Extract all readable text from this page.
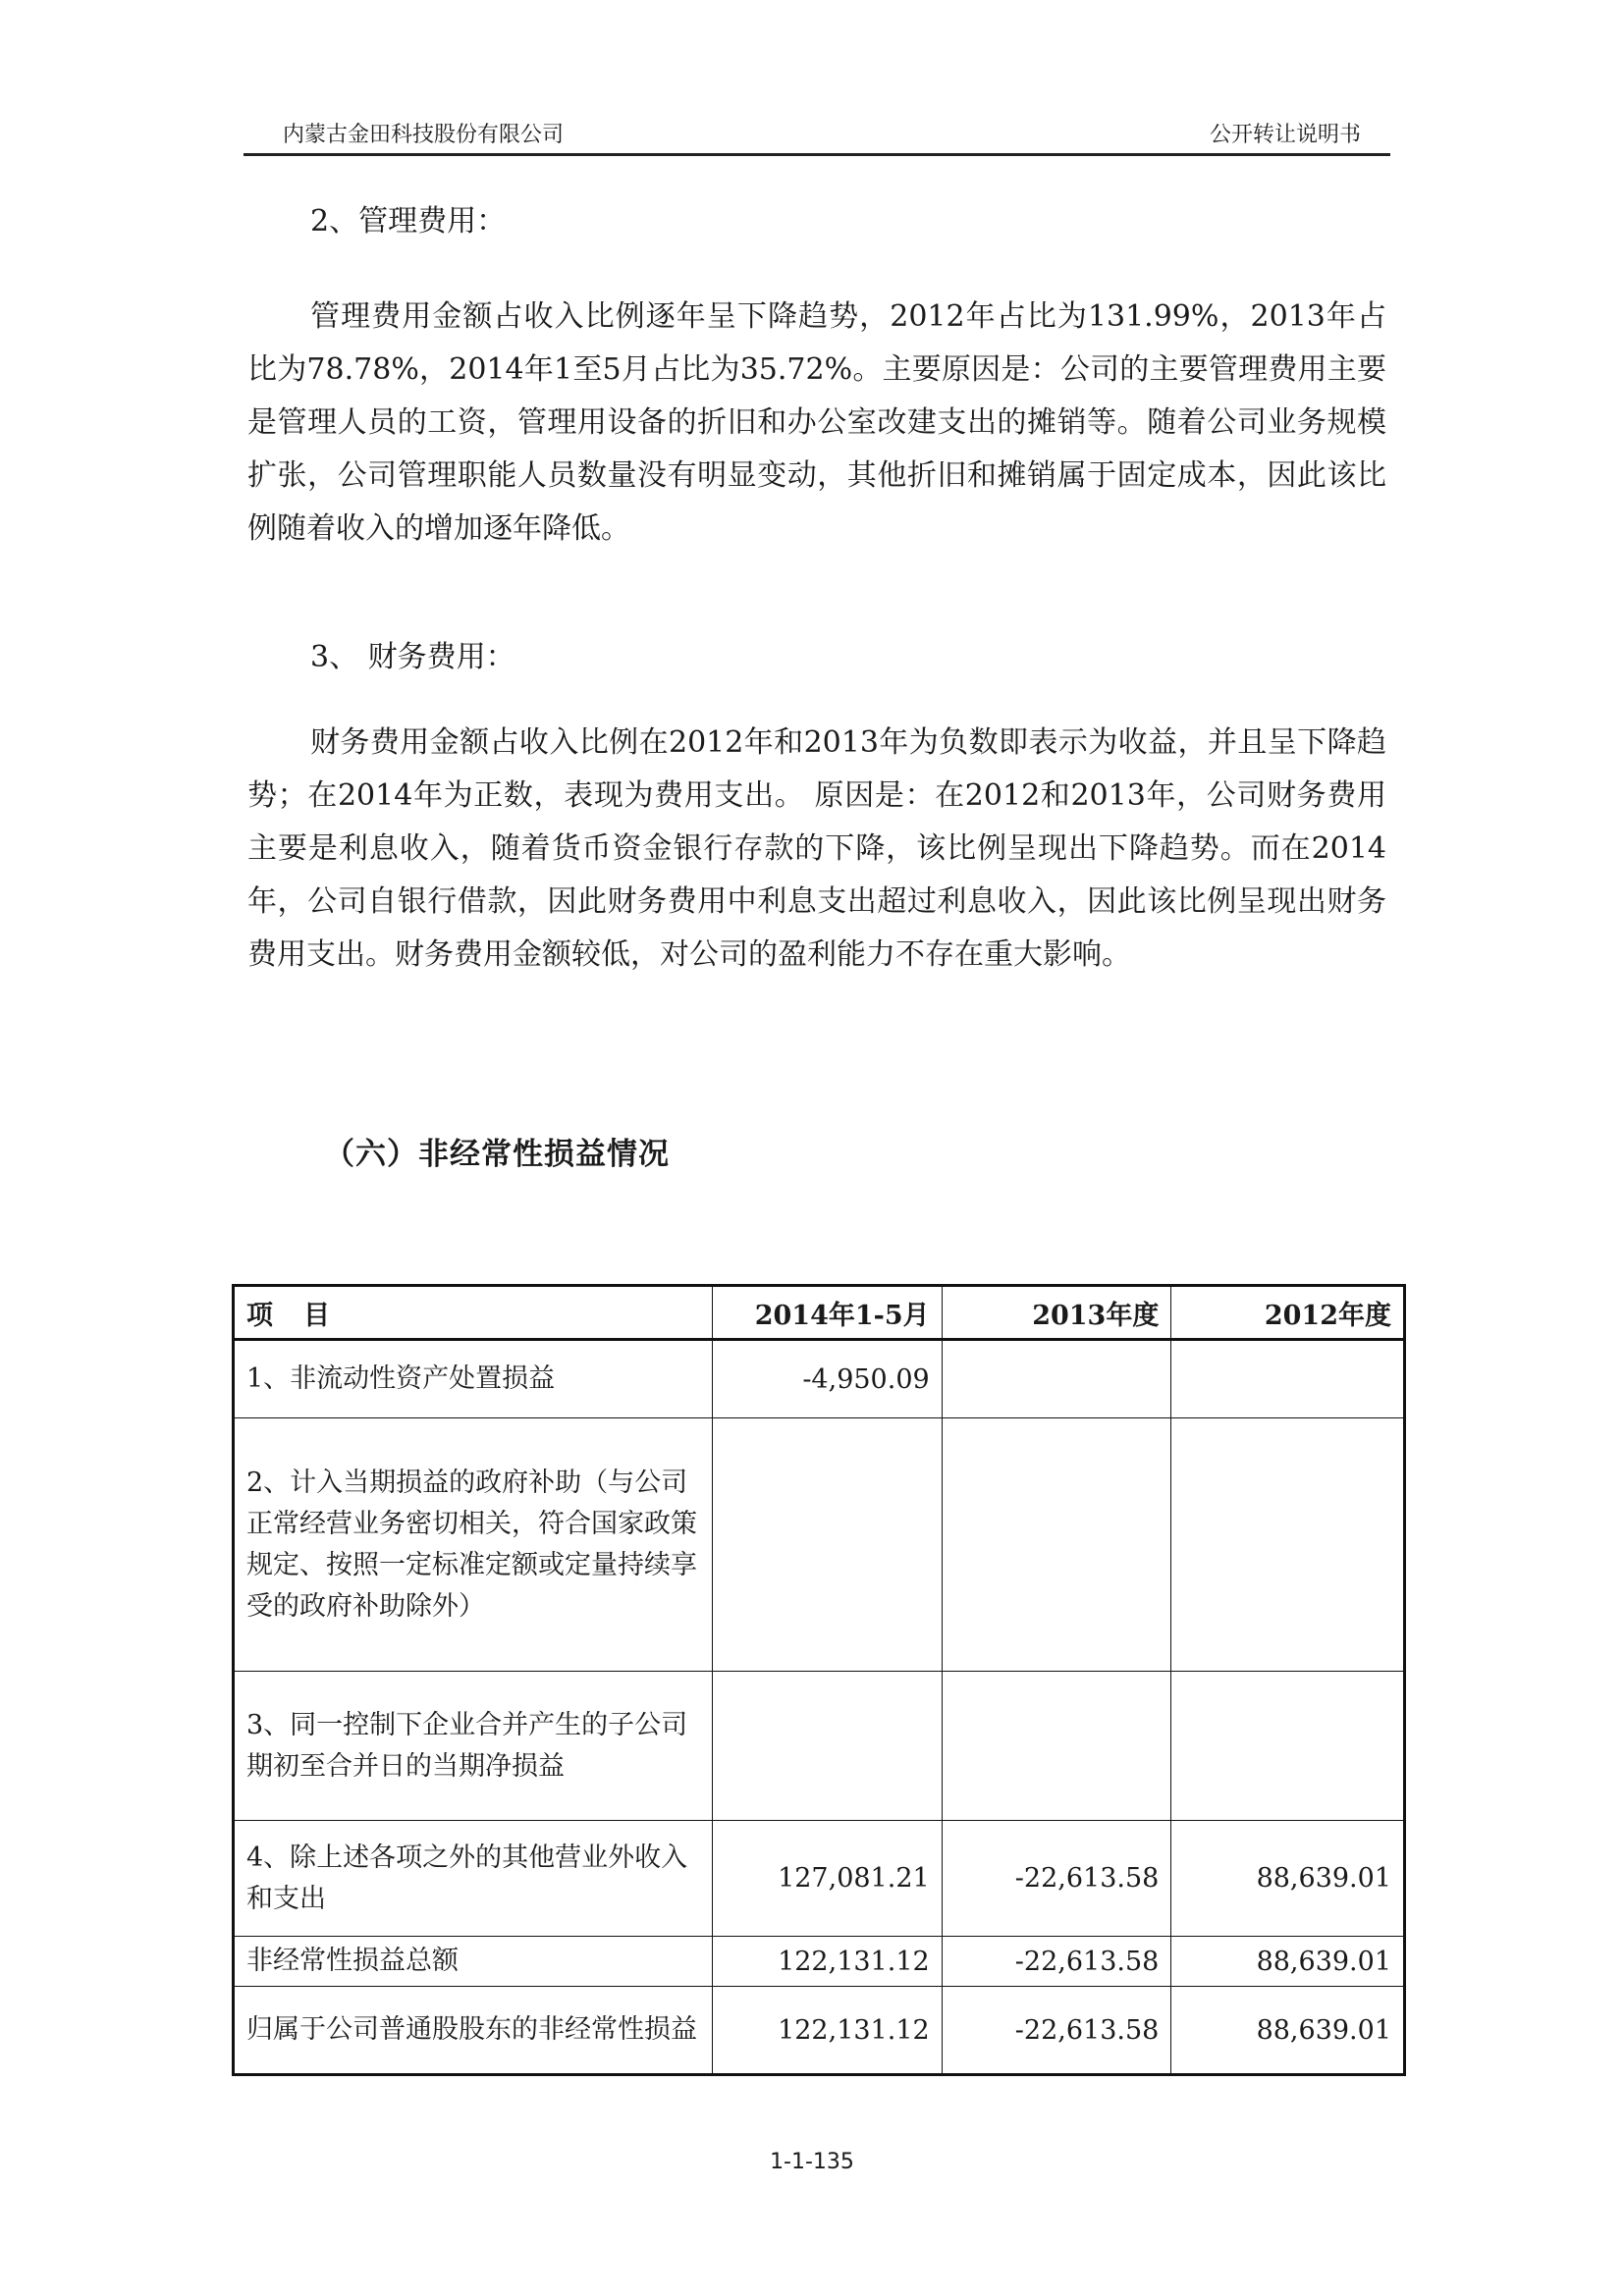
内蒙古金田科技股份有限公司	公开转让说明书
2、管理费用：
管理费用金额占收入比例逐年呈下降趋势，2012年占比为131.99%，2013年占比为78.78%，2014年1至5月占比为35.72%。主要原因是：公司的主要管理费用主要是管理人员的工资，管理用设备的折旧和办公室改建支出的摊销等。随着公司业务规模扩张，公司管理职能人员数量没有明显变动，其他折旧和摊销属于固定成本，因此该比例随着收入的增加逐年降低。
3、 财务费用：
财务费用金额占收入比例在2012年和2013年为负数即表示为收益，并且呈下降趋势；在2014年为正数，表现为费用支出。 原因是：在2012和2013年，公司财务费用主要是利息收入，随着货币资金银行存款的下降，该比例呈现出下降趋势。而在2014年，公司自银行借款，因此财务费用中利息支出超过利息收入，因此该比例呈现出财务费用支出。财务费用金额较低，对公司的盈利能力不存在重大影响。
（六）非经常性损益情况
项　目	2014年1-5月	2013年度	2012年度
1、非流动性资产处置损益	-4,950.09		
2、计入当期损益的政府补助（与公司正常经营业务密切相关，符合国家政策规定、按照一定标准定额或定量持续享受的政府补助除外）			
3、同一控制下企业合并产生的子公司期初至合并日的当期净损益			
4、除上述各项之外的其他营业外收入和支出	127,081.21	-22,613.58	88,639.01
非经常性损益总额	122,131.12	-22,613.58	88,639.01
归属于公司普通股股东的非经常性损益	122,131.12	-22,613.58	88,639.01
1-1-135
